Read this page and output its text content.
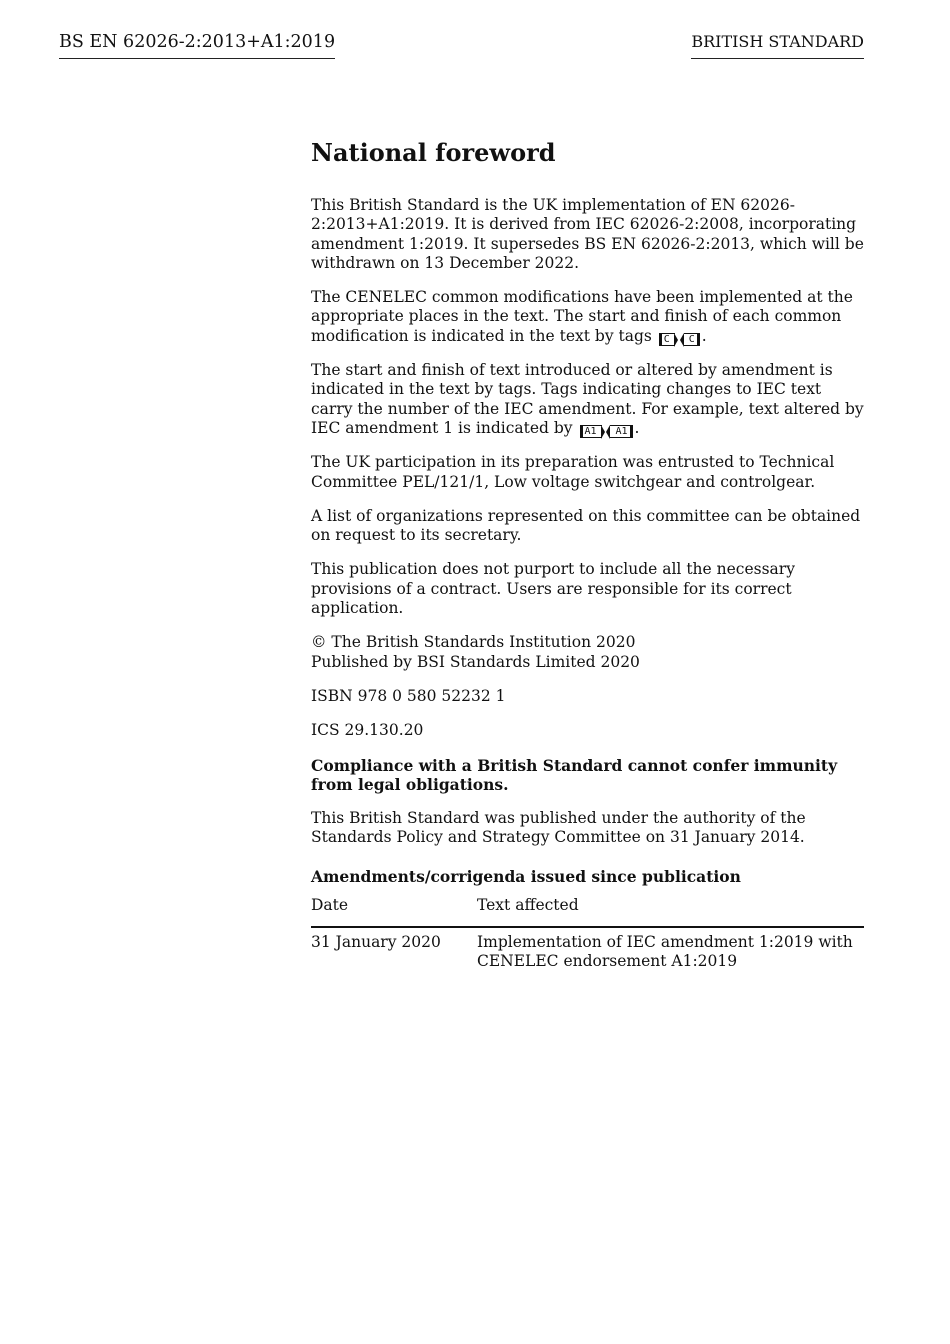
BS EN 62026-2:2013+A1:2019	BRITISH STANDARD
National foreword

This British Standard is the UK implementation of EN 62026-2:2013+A1:2019. It is derived from IEC 62026-2:2008, incorporating amendment 1:2019. It supersedes BS EN 62026-2:2013, which will be withdrawn on 13 December 2022.

The CENELEC common modifications have been implemented at the appropriate places in the text. The start and finish of each common modification is indicated in the text by tags C C .

The start and finish of text introduced or altered by amendment is indicated in the text by tags. Tags indicating changes to IEC text carry the number of the IEC amendment. For example, text altered by IEC amendment 1 is indicated by A1 A1 .

The UK participation in its preparation was entrusted to Technical Committee PEL/121/1, Low voltage switchgear and controlgear.

A list of organizations represented on this committee can be obtained on request to its secretary.

This publication does not purport to include all the necessary provisions of a contract. Users are responsible for its correct application.

© The British Standards Institution 2020
Published by BSI Standards Limited 2020

ISBN 978 0 580 52232 1

ICS 29.130.20

Compliance with a British Standard cannot confer immunity from legal obligations.

This British Standard was published under the authority of the Standards Policy and Strategy Committee on 31 January 2014.

Amendments/corrigenda issued since publication
Date	Text affected
31 January 2020	Implementation of IEC amendment 1:2019 with CENELEC endorsement A1:2019
